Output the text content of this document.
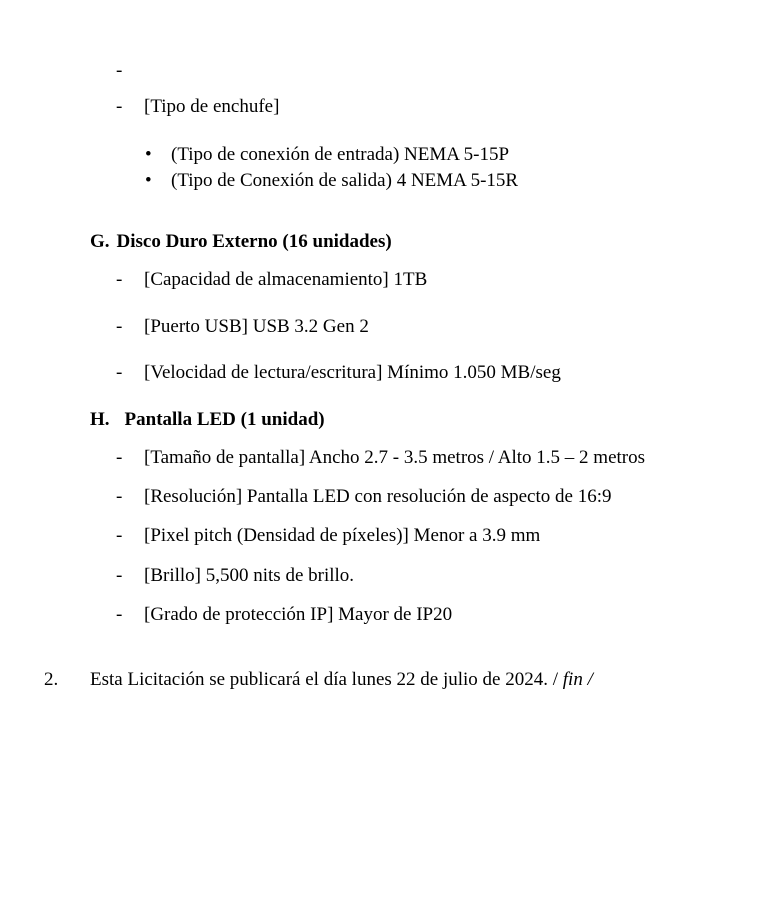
-
- [Tipo de enchufe]
• (Tipo de conexión de entrada) NEMA 5-15P
• (Tipo de Conexión de salida) 4 NEMA 5-15R
G. Disco Duro Externo (16 unidades)
- [Capacidad de almacenamiento] 1TB
- [Puerto USB] USB 3.2 Gen 2
- [Velocidad de lectura/escritura] Mínimo 1.050 MB/seg
H. Pantalla LED (1 unidad)
- [Tamaño de pantalla] Ancho 2.7 - 3.5 metros / Alto 1.5 – 2 metros
- [Resolución] Pantalla LED con resolución de aspecto de 16:9
- [Pixel pitch (Densidad de píxeles)] Menor a 3.9 mm
- [Brillo] 5,500 nits de brillo.
- [Grado de protección IP] Mayor de IP20
2. Esta Licitación se publicará el día lunes 22 de julio de 2024. / fin /
